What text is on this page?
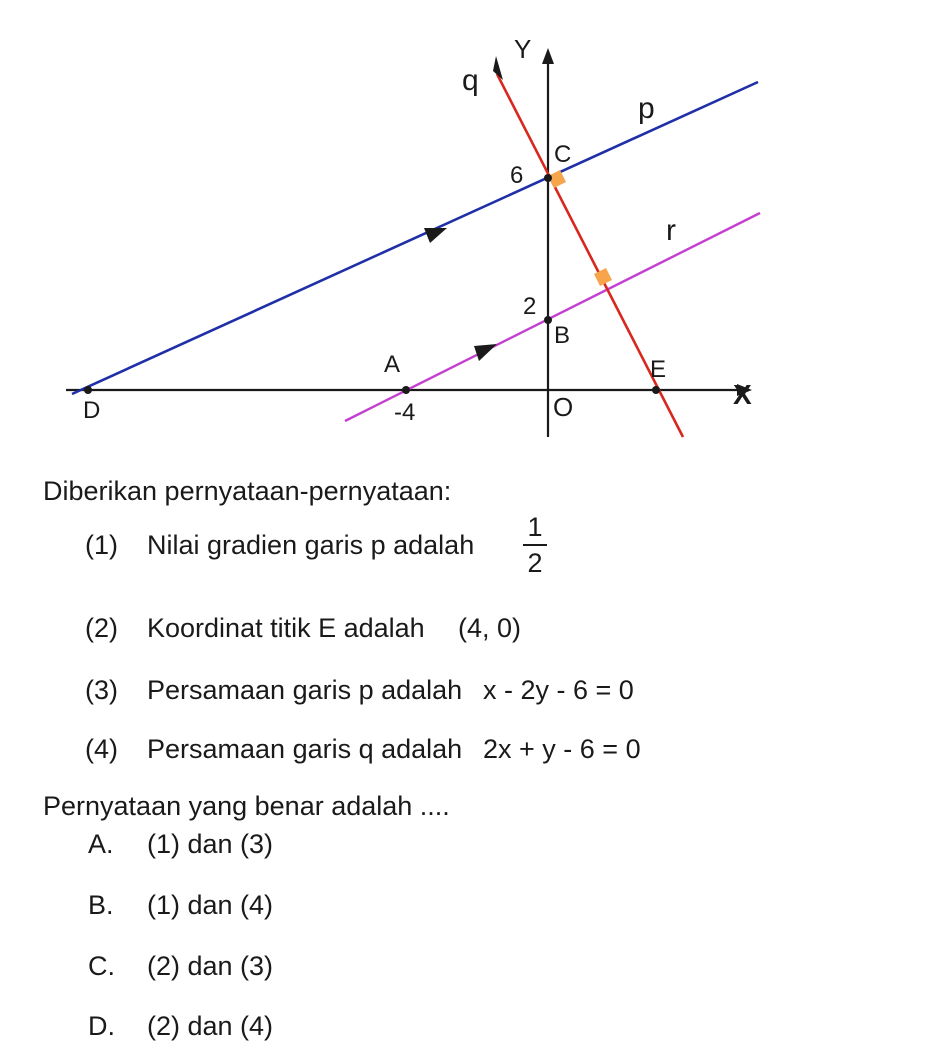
Y
X
O
q
p
r
C
B
A
D
E
6
2
-4
Diberikan pernyataan-pernyataan:
(1) Nilai gradien garis p adalah
1
2
(2) Koordinat titik E adalah (4, 0)
(3) Persamaan garis p adalah x - 2y - 6 = 0
(4) Persamaan garis q adalah 2x + y - 6 = 0
Pernyataan yang benar adalah ....
A. (1) dan (3)
B. (1) dan (4)
C. (2) dan (3)
D. (2) dan (4)
